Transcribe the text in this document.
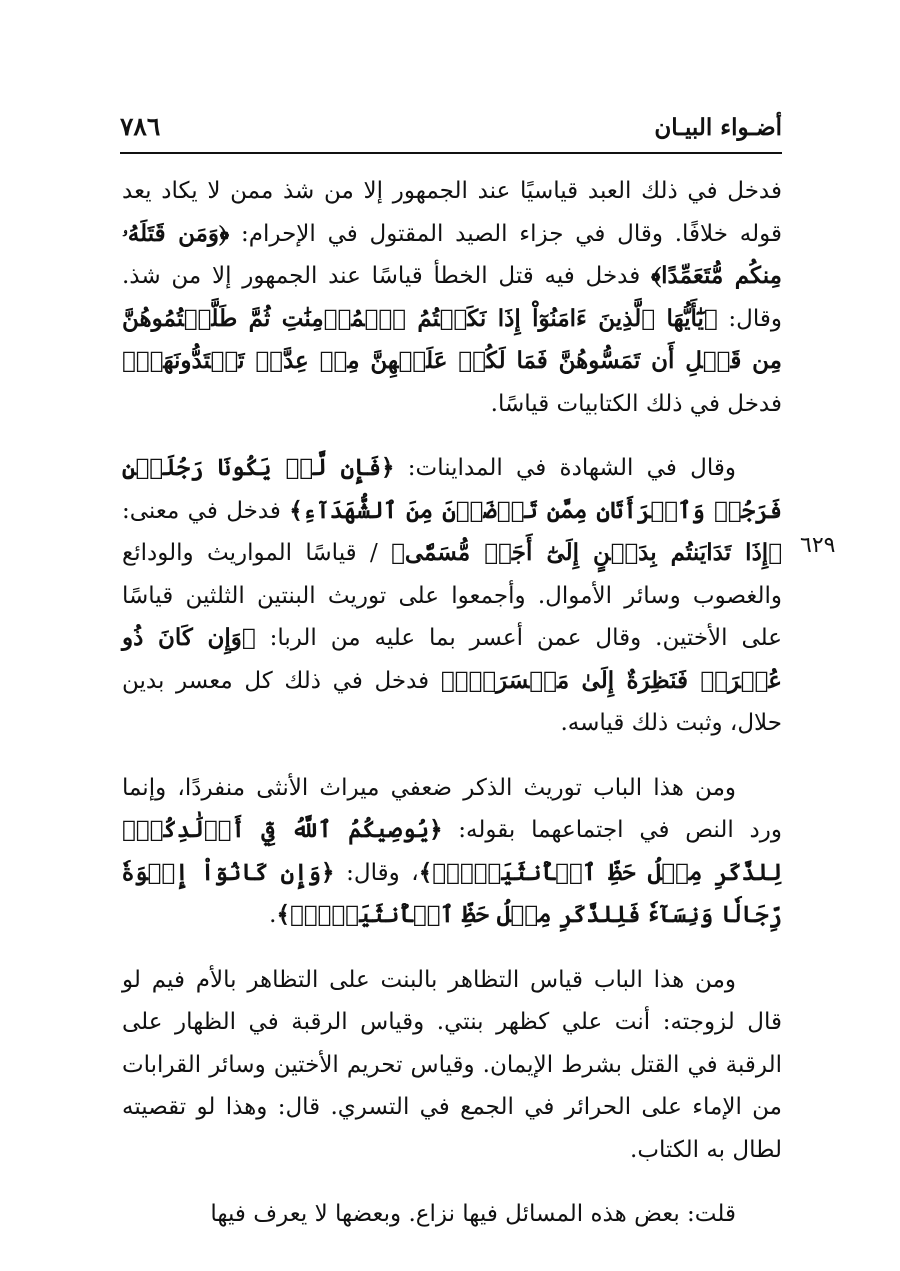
أضـواء البيـان
٧٨٦
٦٢٩

فدخل في ذلك العبد قياسيًا عند الجمهور إلا من شذ ممن لا يكاد يعد قوله خلافًا. وقال في جزاء الصيد المقتول في الإحرام: ﴿وَمَن قَتَلَهُۥ مِنكُم مُّتَعَمِّدًا﴾ فدخل فيه قتل الخطأ قياسًا عند الجمهور إلا من شذ. وقال: ﴿يَٰٓأَيُّهَا ٱلَّذِينَ ءَامَنُوٓاْ إِذَا نَكَحۡتُمُ ٱلۡمُؤۡمِنَٰتِ ثُمَّ طَلَّقۡتُمُوهُنَّ مِن قَبۡلِ أَن تَمَسُّوهُنَّ فَمَا لَكُمۡ عَلَيۡهِنَّ مِنۡ عِدَّةٖ تَعۡتَدُّونَهَاۖ﴾ فدخل في ذلك الكتابيات قياسًا.

وقال في الشهادة في المداينات: ﴿فَإِن لَّمۡ يَكُونَا رَجُلَيۡنِ فَرَجُلٞ وَٱمۡرَأَتَانِ مِمَّن تَرۡضَوۡنَ مِنَ ٱلشُّهَدَآءِ﴾ فدخل في معنى: ﴿إِذَا تَدَايَنتُم بِدَيۡنٍ إِلَىٰٓ أَجَلٖ مُّسَمّٗى﴾ / قياسًا المواريث والودائع والغصوب وسائر الأموال. وأجمعوا على توريث البنتين الثلثين قياسًا على الأختين. وقال عمن أعسر بما عليه من الربا: ﴿وَإِن كَانَ ذُو عُسۡرَةٖ فَنَظِرَةٌ إِلَىٰ مَيۡسَرَةٖۚ﴾ فدخل في ذلك كل معسر بدين حلال، وثبت ذلك قياسه.

ومن هذا الباب توريث الذكر ضعفي ميراث الأنثى منفردًا، وإنما ورد النص في اجتماعهما بقوله: ﴿يُوصِيكُمُ ٱللَّهُ فِيٓ أَوۡلَٰدِكُمۡۖ لِلذَّكَرِ مِثۡلُ حَظِّ ٱلۡأُنثَيَيۡنِۚ﴾، وقال: ﴿وَإِن كَانُوٓاْ إِخۡوَةٗ رِّجَالٗا وَنِسَآءٗ فَلِلذَّكَرِ مِثۡلُ حَظِّ ٱلۡأُنثَيَيۡنِۗ﴾.

ومن هذا الباب قياس التظاهر بالبنت على التظاهر بالأم فيم لو قال لزوجته: أنت علي كظهر بنتي. وقياس الرقبة في الظهار على الرقبة في القتل بشرط الإيمان. وقياس تحريم الأختين وسائر القرابات من الإماء على الحرائر في الجمع في التسري. قال: وهذا لو تقصيته لطال به الكتاب.

قلت: بعض هذه المسائل فيها نزاع. وبعضها لا يعرف فيها
